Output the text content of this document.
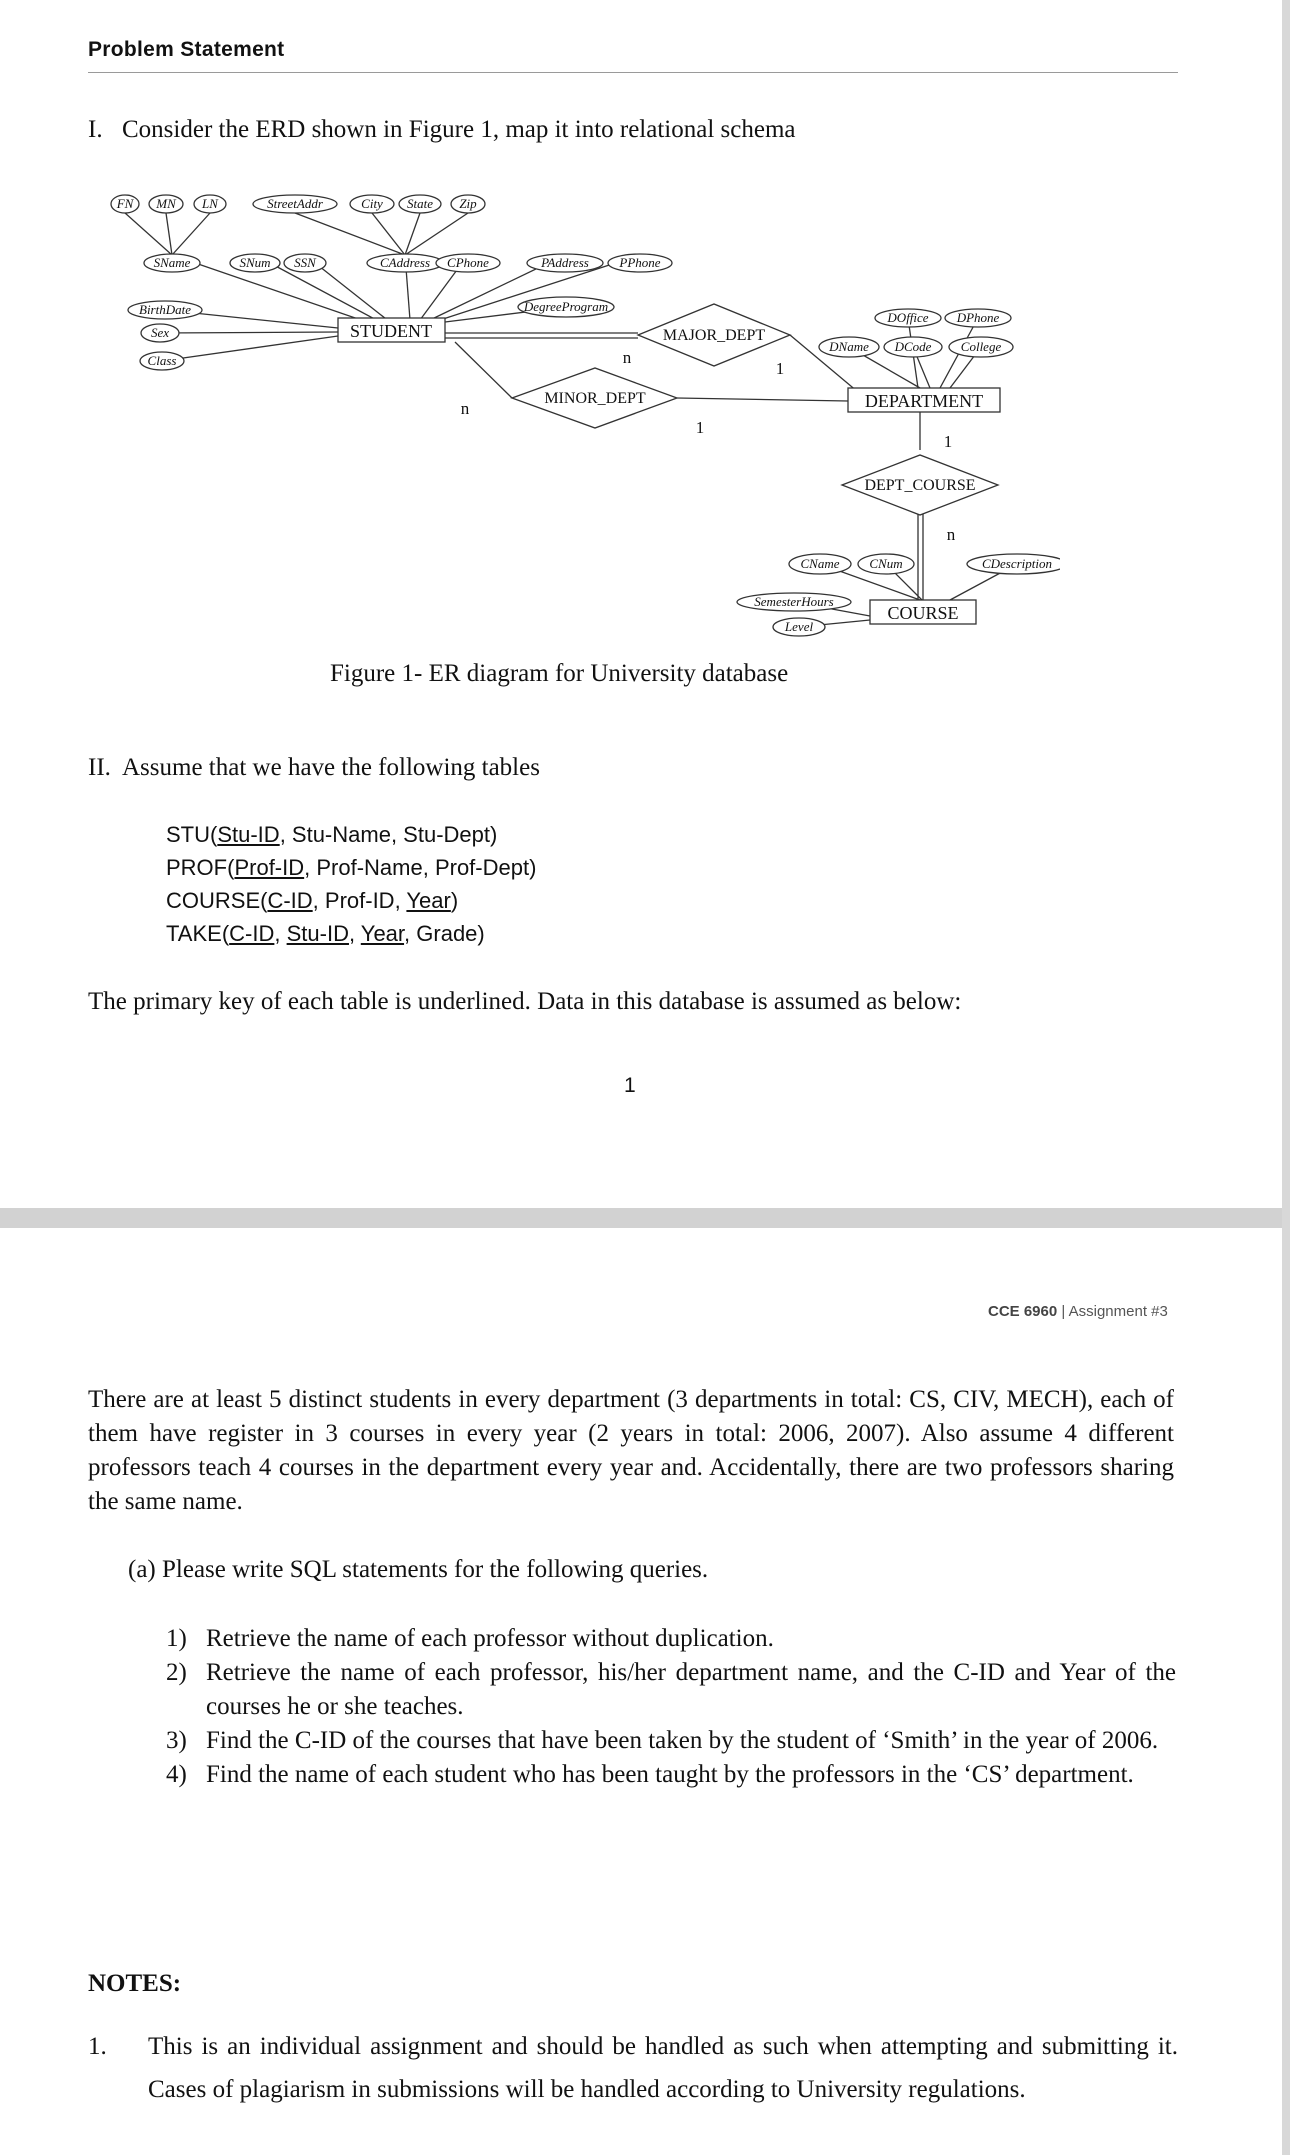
Problem Statement
I. Consider the ERD shown in Figure 1, map it into relational schema
FN MN LN	StreetAddr	City State Zip
SName	SNum SSN	CAddress CPhone	PAddress PPhone
BirthDate
Sex
Class
DegreeProgram
DOffice DPhone
DName DCode College
CName CNum	CDescription
SemesterHours
Level
STUDENT
DEPARTMENT
COURSE
MAJOR_DEPT
MINOR_DEPT
DEPT_COURSE
n
1
n
1
1
n
Figure 1- ER diagram for University database
II. Assume that we have the following tables
STU(Stu-ID, Stu-Name, Stu-Dept)
PROF(Prof-ID, Prof-Name, Prof-Dept)
COURSE(C-ID, Prof-ID, Year)
TAKE(C-ID, Stu-ID, Year, Grade)
The primary key of each table is underlined. Data in this database is assumed as below:
1
CCE 6960 | Assignment #3
There are at least 5 distinct students in every department (3 departments in total: CS, CIV, MECH), each of them have register in 3 courses in every year (2 years in total: 2006, 2007). Also assume 4 different professors teach 4 courses in the department every year and. Accidentally, there are two professors sharing the same name.
(a) Please write SQL statements for the following queries.
1) Retrieve the name of each professor without duplication.
2) Retrieve the name of each professor, his/her department name, and the C-ID and Year of the courses he or she teaches.
3) Find the C-ID of the courses that have been taken by the student of ‘Smith’ in the year of 2006.
4) Find the name of each student who has been taught by the professors in the ‘CS’ department.
NOTES:
1.	This is an individual assignment and should be handled as such when attempting and submitting it. Cases of plagiarism in submissions will be handled according to University regulations.
